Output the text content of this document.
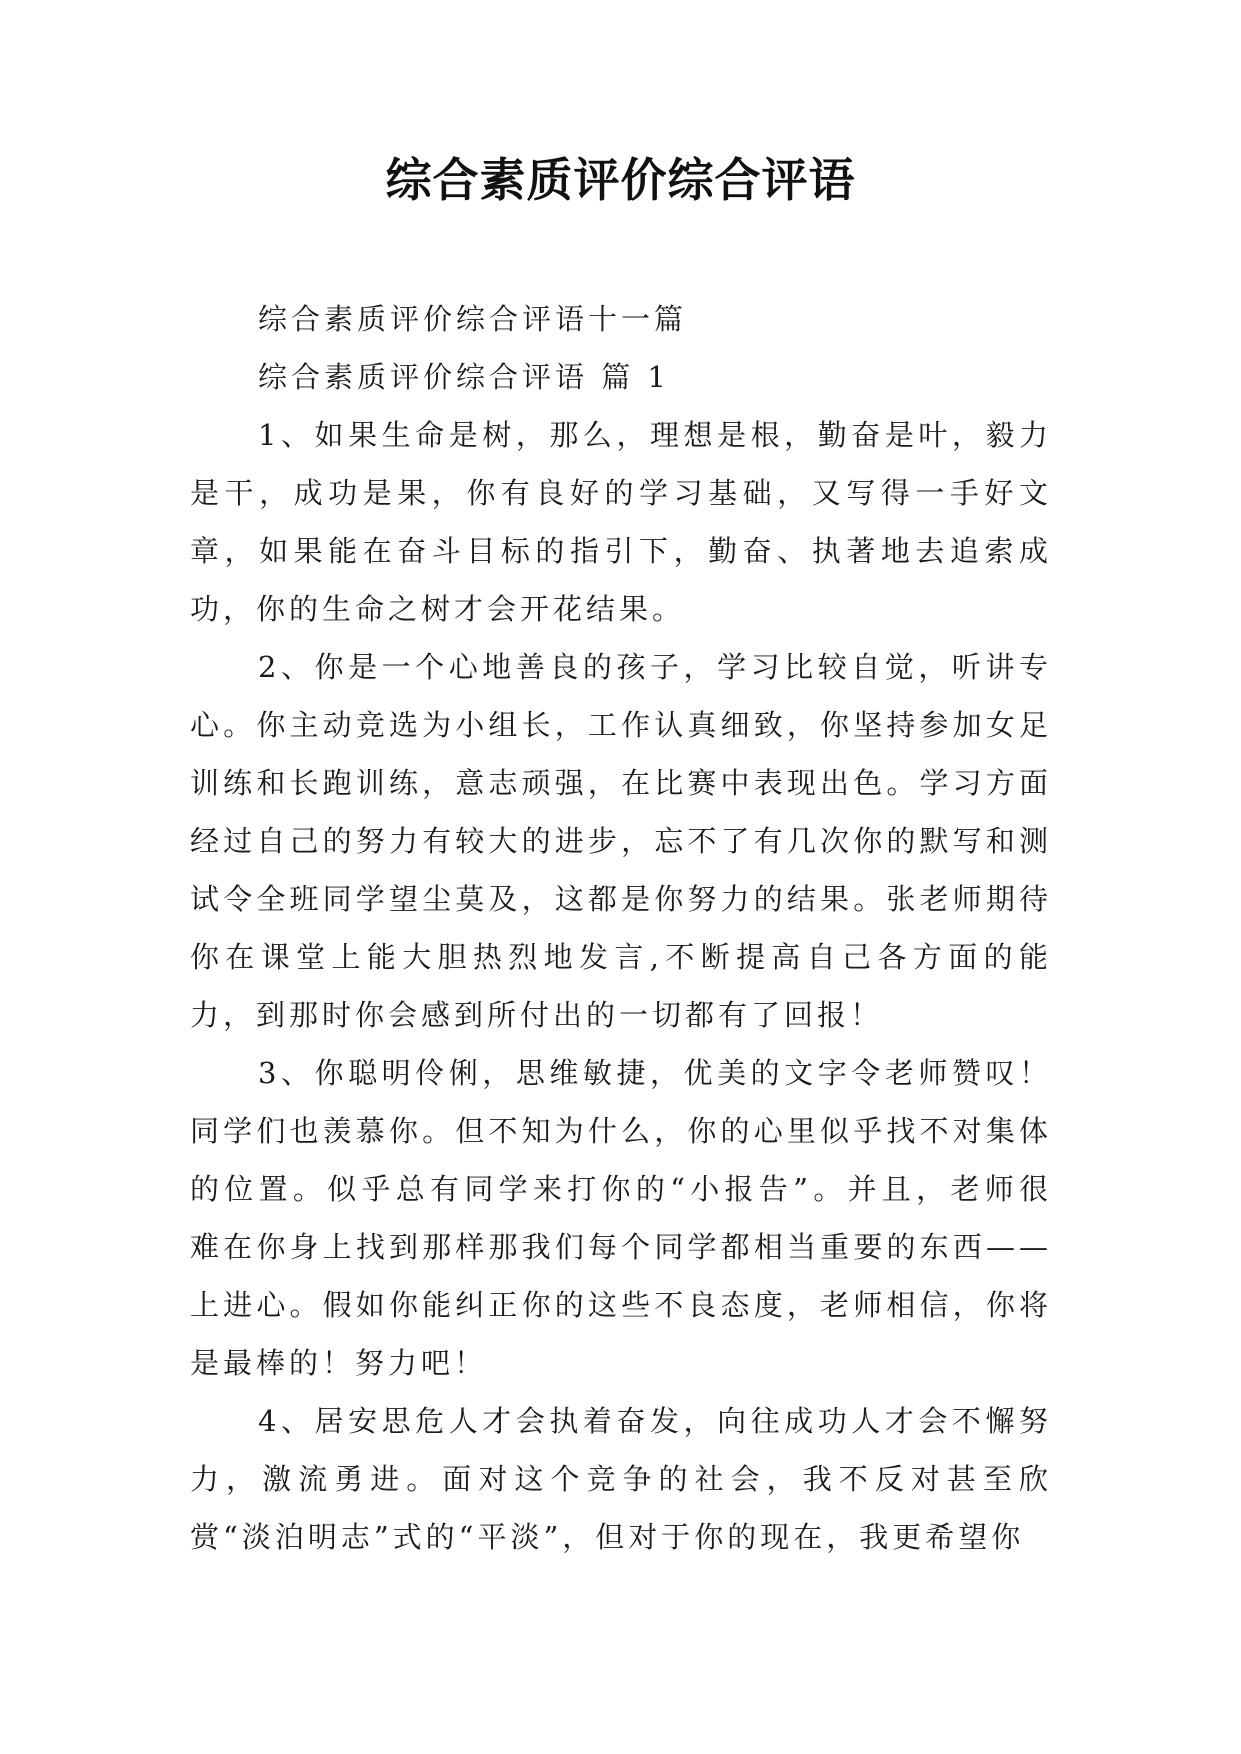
综合素质评价综合评语

综合素质评价综合评语十一篇

综合素质评价综合评语 篇 1

1、如果生命是树，那么，理想是根，勤奋是叶，毅力是干，成功是果，你有良好的学习基础，又写得一手好文章，如果能在奋斗目标的指引下，勤奋、执著地去追索成功，你的生命之树才会开花结果。

2、你是一个心地善良的孩子，学习比较自觉，听讲专心。你主动竞选为小组长，工作认真细致，你坚持参加女足训练和长跑训练，意志顽强，在比赛中表现出色。学习方面经过自己的努力有较大的进步，忘不了有几次你的默写和测试令全班同学望尘莫及，这都是你努力的结果。张老师期待你在课堂上能大胆热烈地发言,不断提高自己各方面的能力，到那时你会感到所付出的一切都有了回报！

3、你聪明伶俐，思维敏捷，优美的文字令老师赞叹！同学们也羡慕你。但不知为什么，你的心里似乎找不对集体的位置。似乎总有同学来打你的“小报告”。并且，老师很难在你身上找到那样那我们每个同学都相当重要的东西——上进心。假如你能纠正你的这些不良态度，老师相信，你将是最棒的！努力吧！

4、居安思危人才会执着奋发，向往成功人才会不懈努力，激流勇进。面对这个竞争的社会，我不反对甚至欣赏“淡泊明志”式的“平淡”，但对于你的现在，我更希望你
